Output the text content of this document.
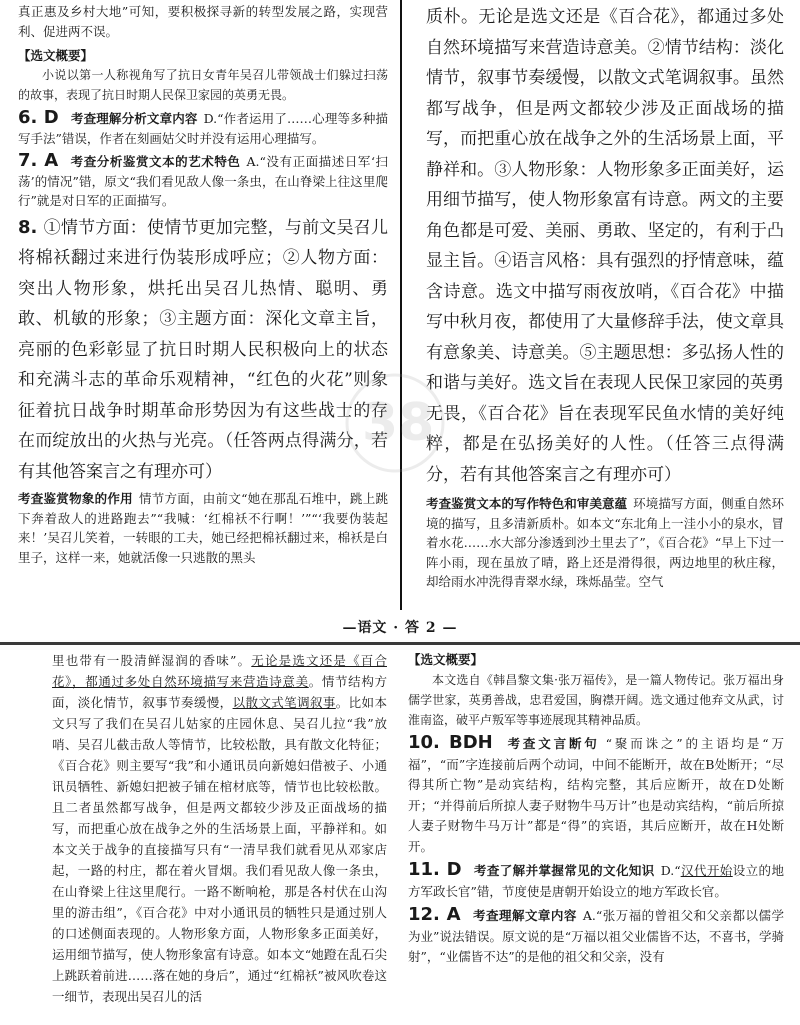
真正惠及乡村大地”可知，要积极探寻新的转型发展之路，实现营利、促进两不误。

【选文概要】

小说以第一人称视角写了抗日女青年吴召儿带领战士们躲过扫荡的故事，表现了抗日时期人民保卫家园的英勇无畏。

6. D 考查理解分析文章内容 D.“作者运用了……心理等多种描写手法”错误，作者在刻画姑父时并没有运用心理描写。

7. A 考查分析鉴赏文本的艺术特色 A.“没有正面描述日军‘扫荡’的情况”错，原文“我们看见敌人像一条虫，在山脊梁上往这里爬行”就是对日军的正面描写。

8. ①情节方面：使情节更加完整，与前文吴召儿将棉袄翻过来进行伪装形成呼应；②人物方面：突出人物形象，烘托出吴召儿热情、聪明、勇敢、机敏的形象；③主题方面：深化文章主旨，亮丽的色彩彰显了抗日时期人民积极向上的状态和充满斗志的革命乐观精神，“红色的火花”则象征着抗日战争时期革命形势因为有这些战士的存在而绽放出的火热与光亮。（任答两点得满分，若有其他答案言之有理亦可）

考查鉴赏物象的作用 情节方面，由前文“她在那乱石堆中，跳上跳下奔着敌人的进路跑去”“我喊：‘红棉袄不行啊！’”“‘我要伪装起来！’吴召儿笑着，一转眼的工夫，她已经把棉袄翻过来，棉袄是白里子，这样一来，她就活像一只逃散的黑头

质朴。无论是选文还是《百合花》，都通过多处自然环境描写来营造诗意美。②情节结构：淡化情节，叙事节奏缓慢，以散文式笔调叙事。虽然都写战争，但是两文都较少涉及正面战场的描写，而把重心放在战争之外的生活场景上面，平静祥和。③人物形象：人物形象多正面美好，运用细节描写，使人物形象富有诗意。两文的主要角色都是可爱、美丽、勇敢、坚定的，有利于凸显主旨。④语言风格：具有强烈的抒情意味，蕴含诗意。选文中描写雨夜放哨，《百合花》中描写中秋月夜，都使用了大量修辞手法，使文章具有意象美、诗意美。⑤主题思想：多弘扬人性的和谐与美好。选文旨在表现人民保卫家园的英勇无畏，《百合花》旨在表现军民鱼水情的美好纯粹，都是在弘扬美好的人性。（任答三点得满分，若有其他答案言之有理亦可）

考查鉴赏文本的写作特色和审美意蕴 环境描写方面，侧重自然环境的描写，且多清新质朴。如本文“东北角上一洼小小的泉水，冒着水花……水大部分渗透到沙土里去了”，《百合花》“早上下过一阵小雨，现在虽放了晴，路上还是滑得很，两边地里的秋庄稼，却给雨水冲洗得青翠水绿，珠烁晶莹。空气

38
—语文 · 答 2 —

里也带有一股清鲜湿润的香味”。无论是选文还是《百合花》，都通过多处自然环境描写来营造诗意美。情节结构方面，淡化情节，叙事节奏缓慢，以散文式笔调叙事。比如本文只写了我们在吴召儿姑家的庄园休息、吴召儿拉“我”放哨、吴召儿截击敌人等情节，比较松散，具有散文化特征；《百合花》则主要写“我”和小通讯员向新媳妇借被子、小通讯员牺牲、新媳妇把被子铺在棺材底等，情节也比较松散。且二者虽然都写战争，但是两文都较少涉及正面战场的描写，而把重心放在战争之外的生活场景上面，平静祥和。如本文关于战争的直接描写只有“一清早我们就看见从邓家店起，一路的村庄，都在着火冒烟。我们看见敌人像一条虫，在山脊梁上往这里爬行。一路不断响枪，那是各村伏在山沟里的游击组”，《百合花》中对小通讯员的牺牲只是通过别人的口述侧面表现的。人物形象方面，人物形象多正面美好，运用细节描写，使人物形象富有诗意。如本文“她蹬在乱石尖上跳跃着前进……落在她的身后”，通过“红棉袄”被风吹卷这一细节，表现出吴召儿的活

【选文概要】

本文选自《韩昌黎文集·张万福传》，是一篇人物传记。张万福出身儒学世家，英勇善战，忠君爱国，胸襟开阔。选文通过他弃文从武，讨淮南盗，破平卢叛军等事迹展现其精神品质。

10. BDH 考查文言断句 “聚而诛之”的主语均是“万福”，“而”字连接前后两个动词，中间不能断开，故在B处断开；“尽得其所亡物”是动宾结构，结构完整，其后应断开，故在D处断开；“并得前后所掠人妻子财物牛马万计”也是动宾结构，“前后所掠人妻子财物牛马万计”都是“得”的宾语，其后应断开，故在H处断开。

11. D 考查了解并掌握常见的文化知识 D.“汉代开始设立的地方军政长官”错，节度使是唐朝开始设立的地方军政长官。

12. A 考查理解文章内容 A.“张万福的曾祖父和父亲都以儒学为业”说法错误。原文说的是“万福以祖父业儒皆不达，不喜书，学骑射”，“业儒皆不达”的是他的祖父和父亲，没有
